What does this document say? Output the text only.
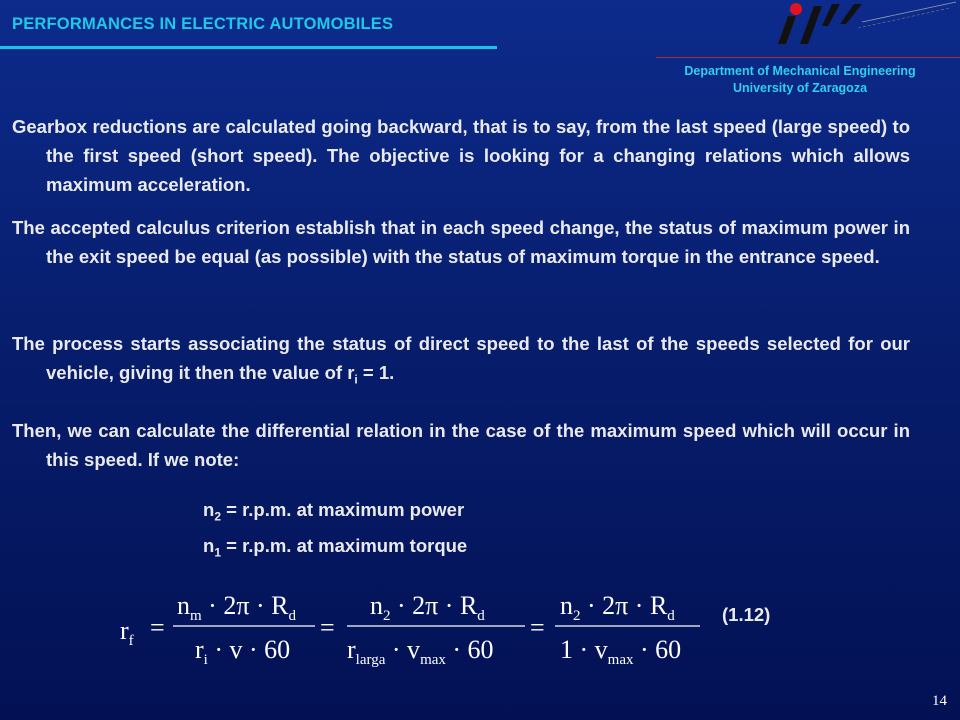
PERFORMANCES IN ELECTRIC AUTOMOBILES
Department of Mechanical Engineering
University of Zaragoza
Gearbox reductions are calculated going backward, that is to say, from the last speed (large speed) to the first speed (short speed). The objective is looking for a changing relations which allows maximum acceleration.
The accepted calculus criterion establish that in each speed change, the status of maximum power in the exit speed be equal (as possible) with the status of maximum torque in the entrance speed.
The process starts associating the status of direct speed to the last of the speeds selected for our vehicle, giving it then the value of $r_i = 1$.
Then, we can calculate the differential relation in the case of the maximum speed which will occur in this speed. If we note:
$n_2 = r.p.m$. at maximum power
$n_1 = r.p.m$. at maximum torque
$r_f$ =
$n_m \cdot 2\pi \cdot R_d$
$r_i \cdot v \cdot 60$
=
$n_2 \cdot 2\pi \cdot R_d$
$r_{larga} \cdot v_{max} \cdot 60$
=
$n_2 \cdot 2\pi \cdot R_d$
$1 \cdot v_{max} \cdot 60$
(1.12)
14
